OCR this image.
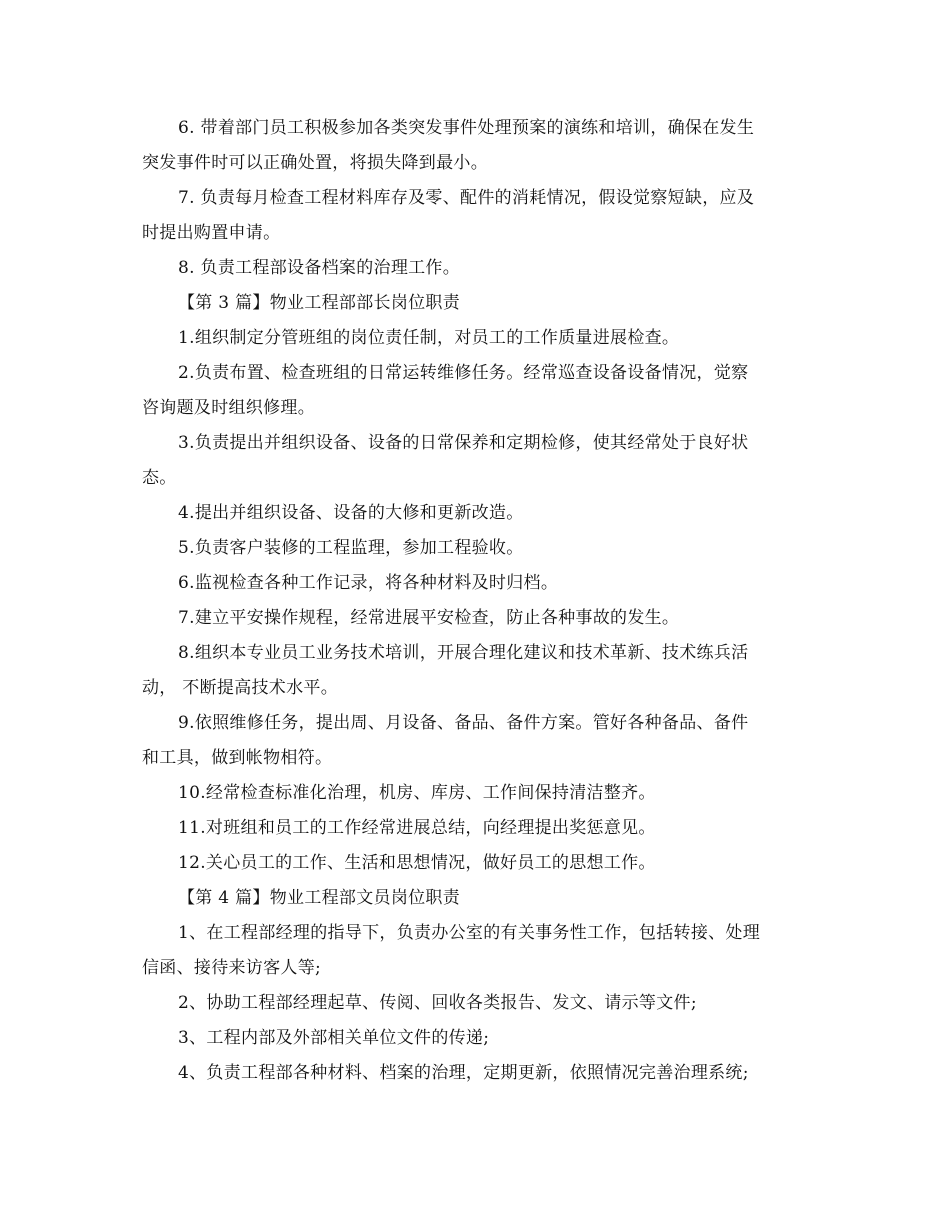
6. 带着部门员工积极参加各类突发事件处理预案的演练和培训，确保在发生
突发事件时可以正确处置，将损失降到最小。
7. 负责每月检查工程材料库存及零、配件的消耗情况，假设觉察短缺，应及
时提出购置申请。
8. 负责工程部设备档案的治理工作。
【第 3 篇】物业工程部部长岗位职责
1.组织制定分管班组的岗位责任制，对员工的工作质量进展检查。
2.负责布置、检查班组的日常运转维修任务。经常巡查设备设备情况，觉察
咨询题及时组织修理。
3.负责提出并组织设备、设备的日常保养和定期检修，使其经常处于良好状
态。
4.提出并组织设备、设备的大修和更新改造。
5.负责客户装修的工程监理，参加工程验收。
6.监视检查各种工作记录，将各种材料及时归档。
7.建立平安操作规程，经常进展平安检查，防止各种事故的发生。
8.组织本专业员工业务技术培训，开展合理化建议和技术革新、技术练兵活
动， 不断提高技术水平。
9.依照维修任务，提出周、月设备、备品、备件方案。管好各种备品、备件
和工具，做到帐物相符。
10.经常检查标准化治理，机房、库房、工作间保持清洁整齐。
11.对班组和员工的工作经常进展总结，向经理提出奖惩意见。
12.关心员工的工作、生活和思想情况，做好员工的思想工作。
【第 4 篇】物业工程部文员岗位职责
1、在工程部经理的指导下，负责办公室的有关事务性工作，包括转接、处理
信函、接待来访客人等;
2、协助工程部经理起草、传阅、回收各类报告、发文、请示等文件;
3、工程内部及外部相关单位文件的传递;
4、负责工程部各种材料、档案的治理，定期更新，依照情况完善治理系统;
